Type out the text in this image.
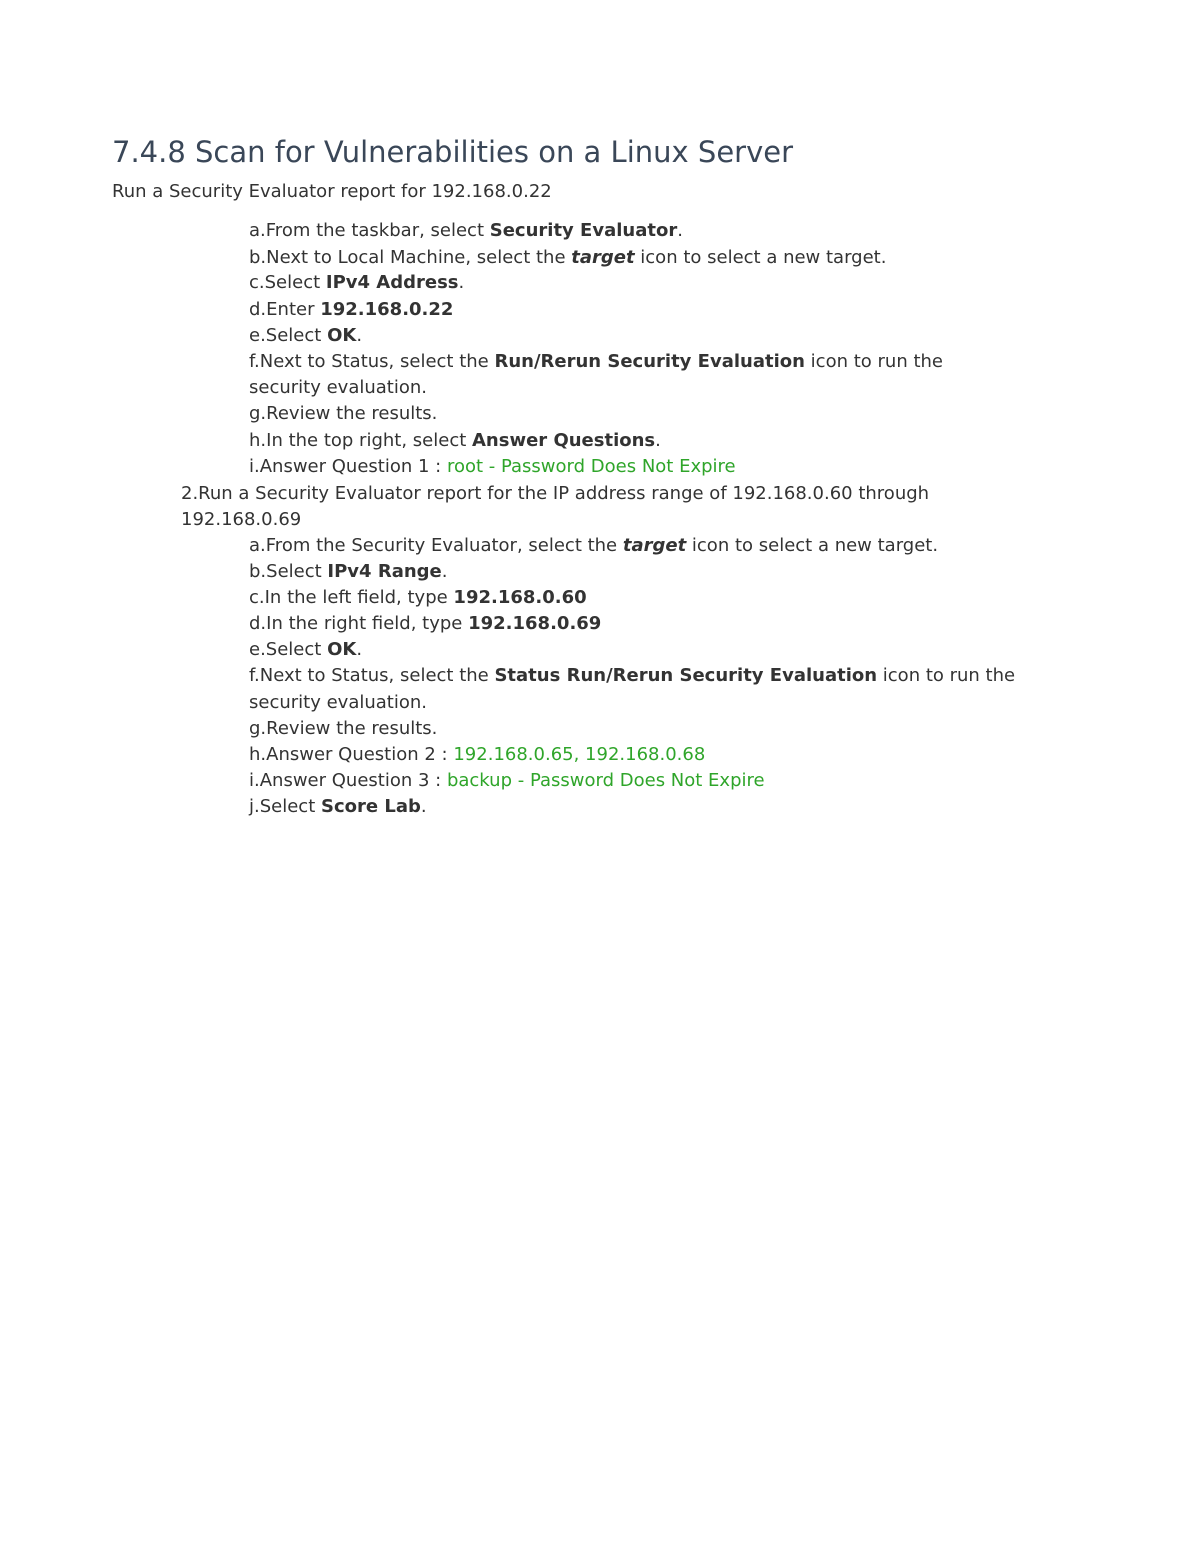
7.4.8 Scan for Vulnerabilities on a Linux Server

Run a Security Evaluator report for 192.168.0.22

a.From the taskbar, select Security Evaluator.

b.Next to Local Machine, select the target icon to select a new target.

c.Select IPv4 Address.

d.Enter 192.168.0.22

e.Select OK.

f.Next to Status, select the Run/Rerun Security Evaluation icon to run the

security evaluation.

g.Review the results.

h.In the top right, select Answer Questions.

i.Answer Question 1 : root - Password Does Not Expire

2.Run a Security Evaluator report for the IP address range of 192.168.0.60 through

192.168.0.69

a.From the Security Evaluator, select the target icon to select a new target.

b.Select IPv4 Range.

c.In the left field, type 192.168.0.60

d.In the right field, type 192.168.0.69

e.Select OK.

f.Next to Status, select the Status Run/Rerun Security Evaluation icon to run the

security evaluation.

g.Review the results.

h.Answer Question 2 : 192.168.0.65, 192.168.0.68

i.Answer Question 3 : backup - Password Does Not Expire

j.Select Score Lab.
